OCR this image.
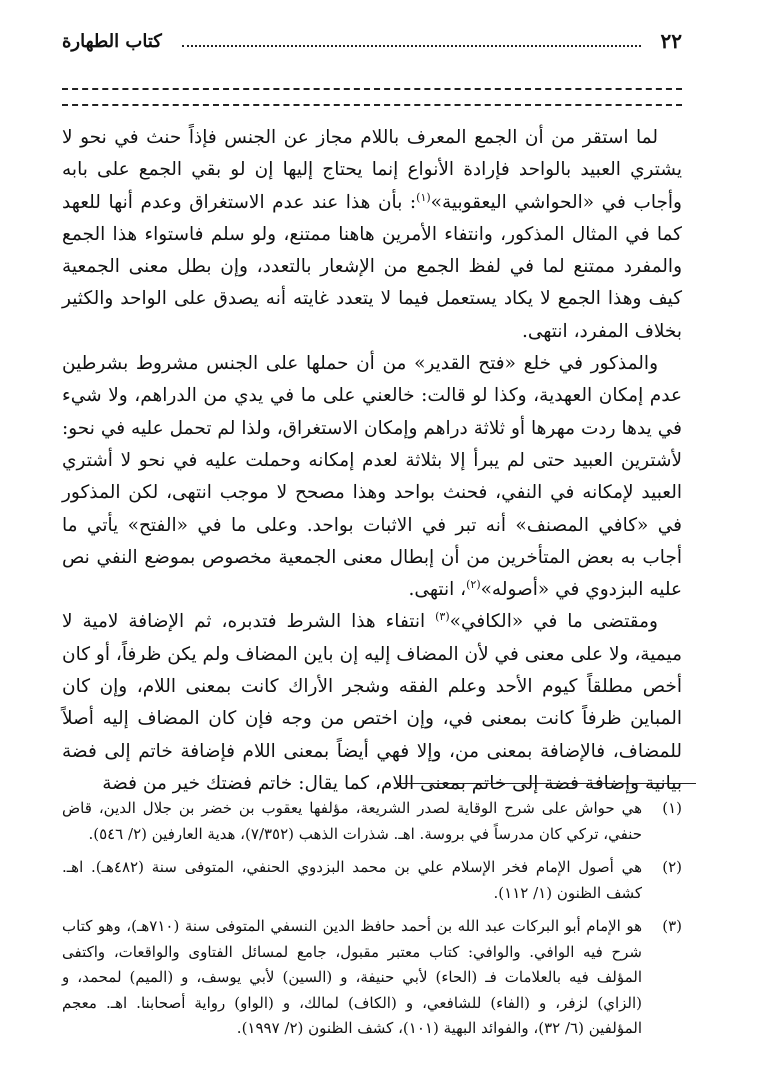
٢٢
كتاب الطهارة

لما استقر من أن الجمع المعرف باللام مجاز عن الجنس فإذاً حنث في نحو لا يشتري العبيد بالواحد فإرادة الأنواع إنما يحتاج إليها إن لو بقي الجمع على بابه وأجاب في «الحواشي اليعقوبية»$^{(١)}$: بأن هذا عند عدم الاستغراق وعدم أنها للعهد كما في المثال المذكور، وانتفاء الأمرين هاهنا ممتنع، ولو سلم فاستواء هذا الجمع والمفرد ممتنع لما في لفظ الجمع من الإشعار بالتعدد، وإن بطل معنى الجمعية كيف وهذا الجمع لا يكاد يستعمل فيما لا يتعدد غايته أنه يصدق على الواحد والكثير بخلاف المفرد، انتهى.

والمذكور في خلع «فتح القدير» من أن حملها على الجنس مشروط بشرطين عدم إمكان العهدية، وكذا لو قالت: خالعني على ما في يدي من الدراهم، ولا شيء في يدها ردت مهرها أو ثلاثة دراهم وإمكان الاستغراق، ولذا لم تحمل عليه في نحو: لأشترين العبيد حتى لم يبرأ إلا بثلاثة لعدم إمكانه وحملت عليه في نحو لا أشتري العبيد لإمكانه في النفي، فحنث بواحد وهذا مصحح لا موجب انتهى، لكن المذكور في «كافي المصنف» أنه تبر في الاثبات بواحد. وعلى ما في «الفتح» يأتي ما أجاب به بعض المتأخرين من أن إبطال معنى الجمعية مخصوص بموضع النفي نص عليه البزدوي في «أصوله»$^{(٢)}$، انتهى.

ومقتضى ما في «الكافي»$^{(٣)}$ انتفاء هذا الشرط فتدبره، ثم الإضافة لامية لا ميمية، ولا على معنى في لأن المضاف إليه إن باين المضاف ولم يكن ظرفاً، أو كان أخص مطلقاً كيوم الأحد وعلم الفقه وشجر الأراك كانت بمعنى اللام، وإن كان المباين ظرفاً كانت بمعنى في، وإن اختص من وجه فإن كان المضاف إليه أصلاً للمضاف، فالإضافة بمعنى من، وإلا فهي أيضاً بمعنى اللام فإضافة خاتم إلى فضة بيانية وإضافة فضة إلى خاتم بمعنى اللام، كما يقال: خاتم فضتك خير من فضة

(١)
هي حواش على شرح الوقاية لصدر الشريعة، مؤلفها يعقوب بن خضر بن جلال الدين، قاض حنفي، تركي كان مدرساً في بروسة. اهـ. شذرات الذهب (٧/٣٥٢)، هدية العارفين (٢/ ٥٤٦).
(٢)
هي أصول الإمام فخر الإسلام علي بن محمد البزدوي الحنفي، المتوفى سنة (٤٨٢هـ). اهـ. كشف الظنون (١/ ١١٢).
(٣)
هو الإمام أبو البركات عبد الله بن أحمد حافظ الدين النسفي المتوفى سنة (٧١٠هـ)، وهو كتاب شرح فيه الوافي. والوافي: كتاب معتبر مقبول، جامع لمسائل الفتاوى والواقعات، واكتفى المؤلف فيه بالعلامات فـ (الحاء) لأبي حنيفة، و (السين) لأبي يوسف، و (الميم) لمحمد، و (الزاي) لزفر، و (الفاء) للشافعي، و (الكاف) لمالك، و (الواو) رواية أصحابنا. اهـ. معجم المؤلفين (٦/ ٣٢)، والفوائد البهية (١٠١)، كشف الظنون (٢/ ١٩٩٧).
